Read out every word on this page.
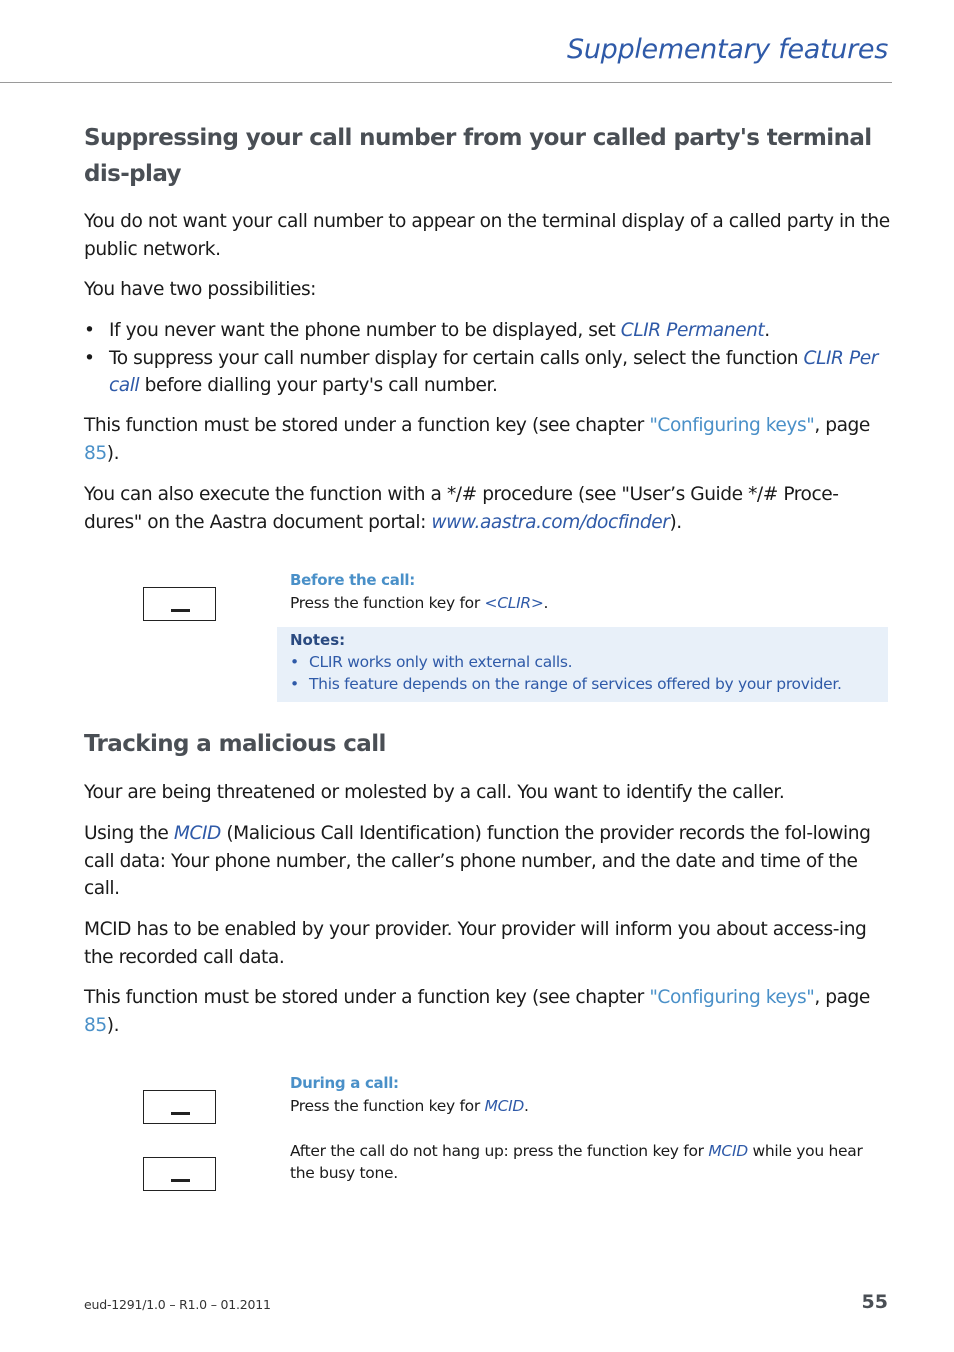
Supplementary features
Suppressing your call number from your called party's terminal dis-play

You do not want your call number to appear on the terminal display of a called party in the public network.

You have two possibilities:

• If you never want the phone number to be displayed, set CLIR Permanent.
• To suppress your call number display for certain calls only, select the function CLIR Per call before dialling your party's call number.

This function must be stored under a function key (see chapter "Configuring keys", page 85).

You can also execute the function with a */# procedure (see "User’s Guide */# Proce-dures" on the Aastra document portal: www.aastra.com/docfinder).

Before the call:

Press the function key for <CLIR>.

Notes:
• CLIR works only with external calls.
• This feature depends on the range of services offered by your provider.
Tracking a malicious call

Your are being threatened or molested by a call. You want to identify the caller.

Using the MCID (Malicious Call Identification) function the provider records the fol-lowing call data: Your phone number, the caller’s phone number, and the date and time of the call.

MCID has to be enabled by your provider. Your provider will inform you about access-ing the recorded call data.

This function must be stored under a function key (see chapter "Configuring keys", page 85).

During a call:

Press the function key for MCID.

After the call do not hang up: press the function key for MCID while you hear the busy tone.

eud-1291/1.0 – R1.0 – 01.2011	55
